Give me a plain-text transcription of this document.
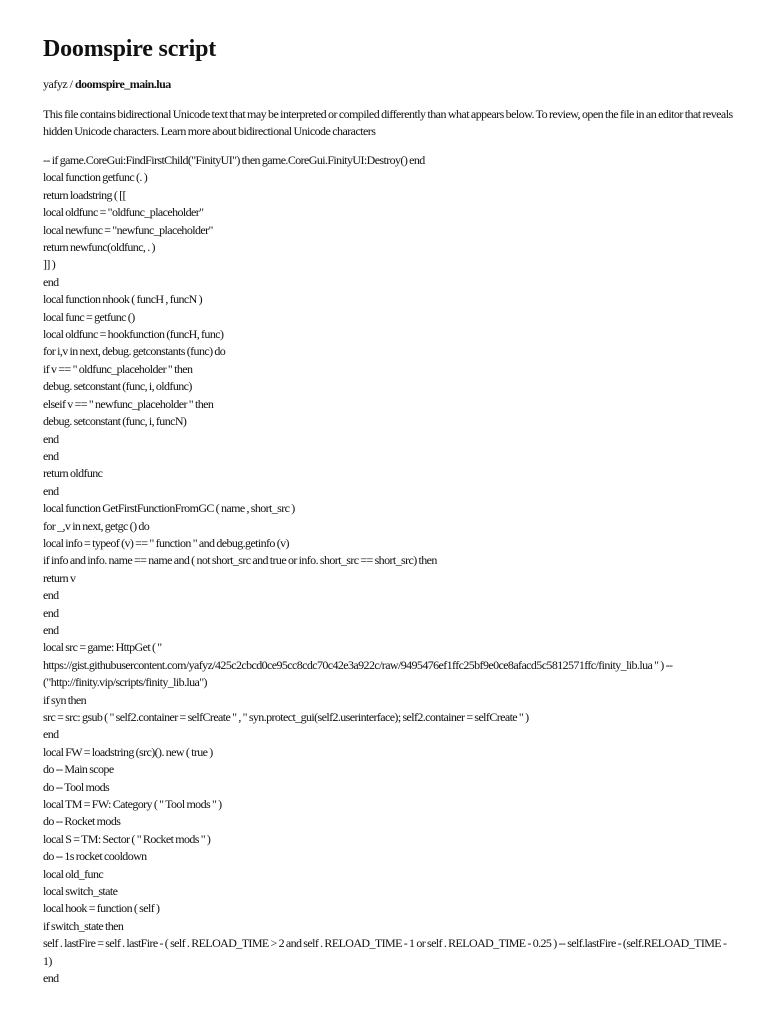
Doomspire script
yafyz / doomspire_main.lua
This file contains bidirectional Unicode text that may be interpreted or compiled differently than what appears below. To review, open the file in an editor that reveals hidden Unicode characters. Learn more about bidirectional Unicode characters
-- if game.CoreGui:FindFirstChild("FinityUI") then game.CoreGui.FinityUI:Destroy() end
local function getfunc (. )
return loadstring ( [[
local oldfunc = "oldfunc_placeholder"
local newfunc = "newfunc_placeholder"
return newfunc(oldfunc, . )
]] )
end
local function nhook ( funcH , funcN )
local func = getfunc ()
local oldfunc = hookfunction (funcH, func)
for i,v in next, debug. getconstants (func) do
if v == " oldfunc_placeholder " then
debug. setconstant (func, i, oldfunc)
elseif v == " newfunc_placeholder " then
debug. setconstant (func, i, funcN)
end
end
return oldfunc
end
local function GetFirstFunctionFromGC ( name , short_src )
for _,v in next, getgc () do
local info = typeof (v) == " function " and debug.getinfo (v)
if info and info. name == name and ( not short_src and true or info. short_src == short_src) then
return v
end
end
end
local src = game: HttpGet ( " https://gist.githubusercontent.com/yafyz/425c2cbcd0ce95cc8cdc70c42e3a922c/raw/9495476ef1ffc25bf9e0ce8afacd5c5812571ffc/finity_lib.lua " ) -- ("http://finity.vip/scripts/finity_lib.lua")
if syn then
src = src: gsub ( " self2.container = selfCreate " , " syn.protect_gui(self2.userinterface); self2.container = selfCreate " )
end
local FW = loadstring (src)(). new ( true )
do -- Main scope
do -- Tool mods
local TM = FW: Category ( " Tool mods " )
do -- Rocket mods
local S = TM: Sector ( " Rocket mods " )
do -- 1s rocket cooldown
local old_func
local switch_state
local hook = function ( self )
if switch_state then
self . lastFire = self . lastFire - ( self . RELOAD_TIME > 2 and self . RELOAD_TIME - 1 or self . RELOAD_TIME - 0.25 ) -- self.lastFire - (self.RELOAD_TIME - 1)
end
